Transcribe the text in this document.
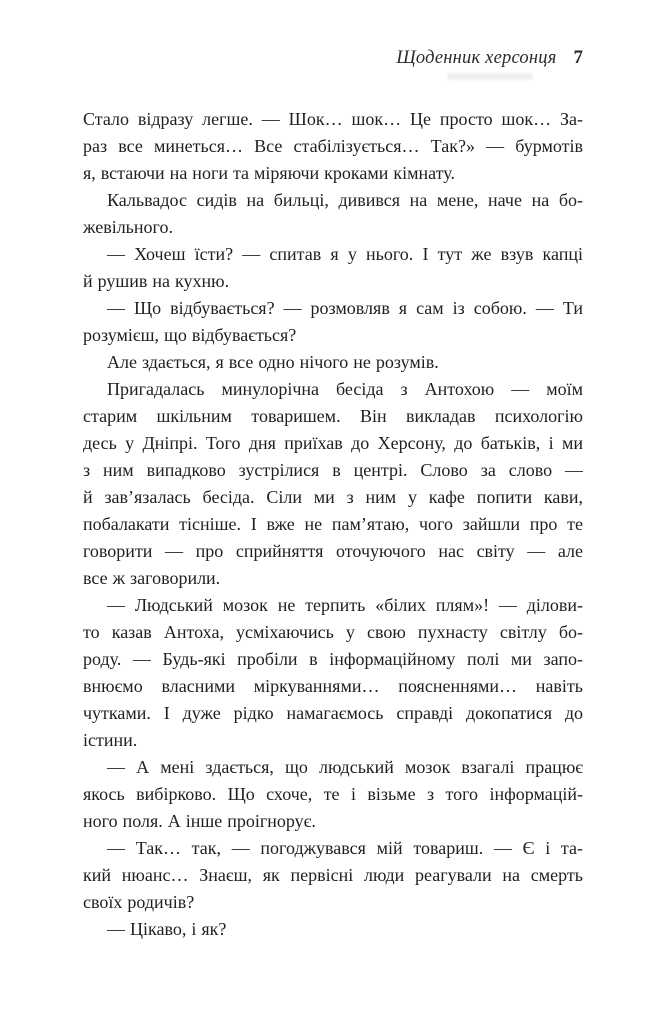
Щоденник херсонця 7
Стало відразу легше. — Шок… шок… Це просто шок… За-
раз все минеться… Все стабілізується… Так?» — бурмотів
я, встаючи на ноги та міряючи кроками кімнату.
Кальвадос сидів на бильці, дивився на мене, наче на бо-
жевільного.
— Хочеш їсти? — спитав я у нього. І тут же взув капці
й рушив на кухню.
— Що відбувається? — розмовляв я сам із собою. — Ти
розумієш, що відбувається?
Але здається, я все одно нічого не розумів.
Пригадалась минулорічна бесіда з Антохою — моїм
старим шкільним товаришем. Він викладав психологію
десь у Дніпрі. Того дня приїхав до Херсону, до батьків, і ми
з ним випадково зустрілися в центрі. Слово за слово —
й зав’язалась бесіда. Сіли ми з ним у кафе попити кави,
побалакати тісніше. І вже не пам’ятаю, чого зайшли про те
говорити — про сприйняття оточуючого нас світу — але
все ж заговорили.
— Людський мозок не терпить «білих плям»! — ділови-
то казав Антоха, усміхаючись у свою пухнасту світлу бо-
роду. — Будь-які пробіли в інформаційному полі ми запо-
внюємо власними міркуваннями… поясненнями… навіть
чутками. І дуже рідко намагаємось справді докопатися до
істини.
— А мені здається, що людський мозок взагалі працює
якось вибірково. Що схоче, те і візьме з того інформацій-
ного поля. А інше проігнорує.
— Так… так, — погоджувався мій товариш. — Є і та-
кий нюанс… Знаєш, як первісні люди реагували на смерть
своїх родичів?
— Цікаво, і як?
